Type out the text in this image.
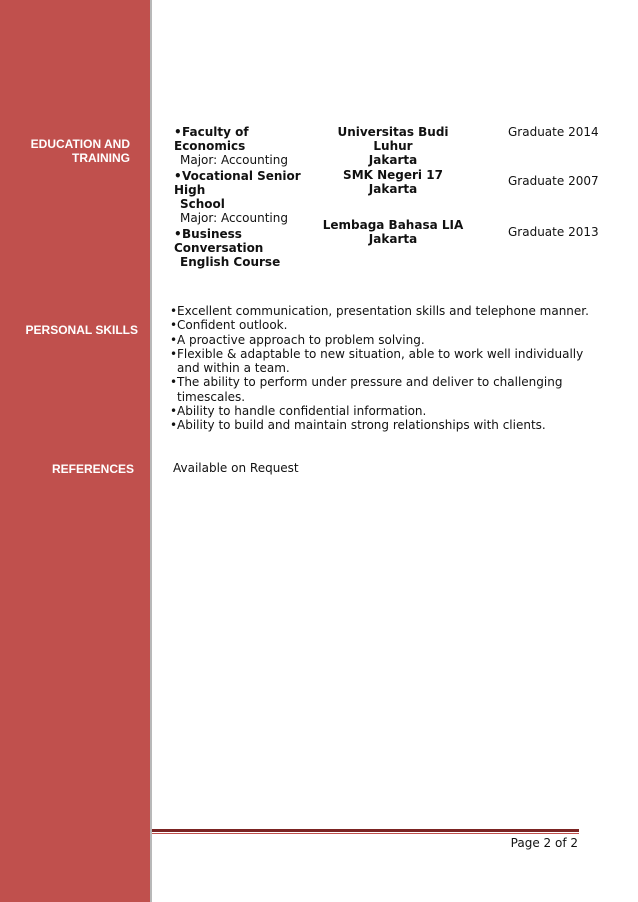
EDUCATION AND
TRAINING
PERSONAL SKILLS
REFERENCES
•Faculty of Economics
Major: Accounting
Universitas Budi Luhur
Jakarta
Graduate 2014
•Vocational Senior High
School
Major: Accounting
SMK Negeri 17
Jakarta
Graduate 2007
•Business Conversation
English Course
Lembaga Bahasa LIA
Jakarta	Graduate 2013
• Excellent communication, presentation skills and telephone manner.
• Confident outlook.
• A proactive approach to problem solving.
• Flexible & adaptable to new situation, able to work well individually and within a team.
• The ability to perform under pressure and deliver to challenging timescales.
• Ability to handle confidential information.
• Ability to build and maintain strong relationships with clients.
Available on Request
Page 2 of 2
